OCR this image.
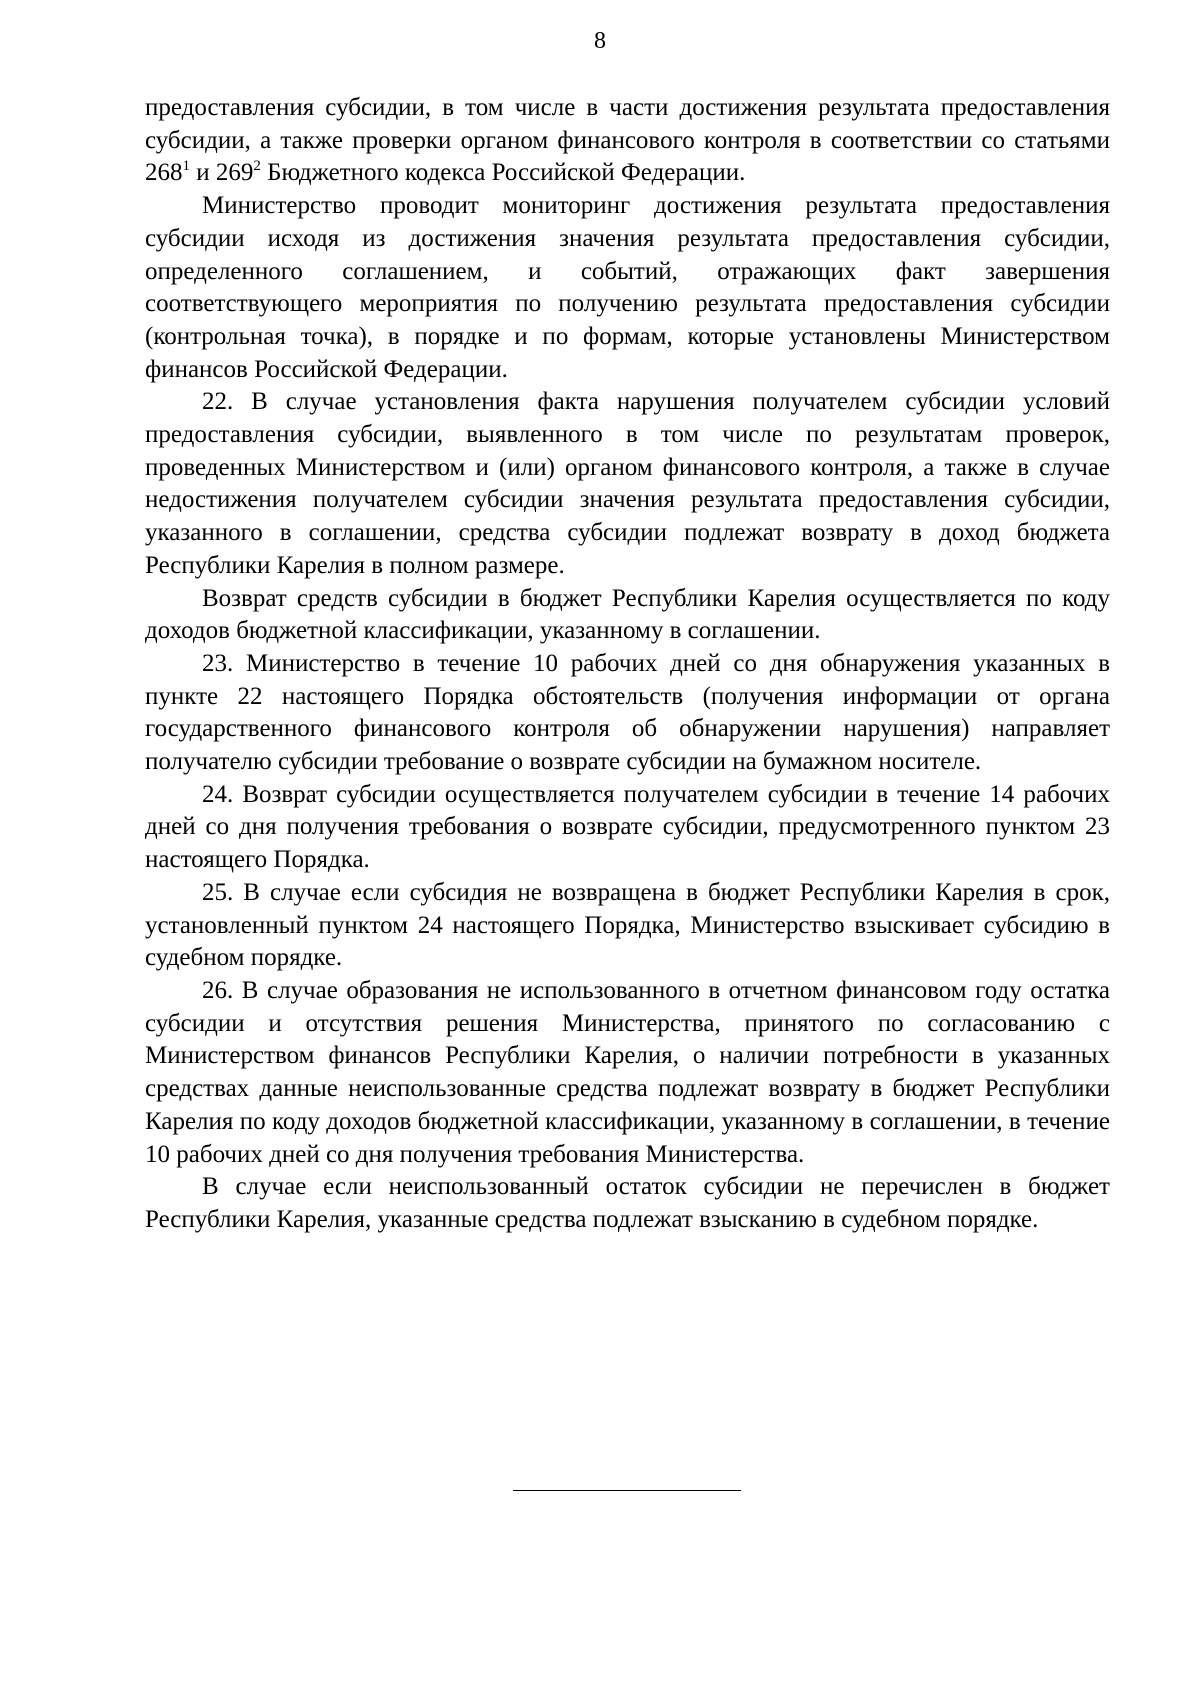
8

предоставления субсидии, в том числе в части достижения результата предоставления субсидии, а также проверки органом финансового контроля в соответствии со статьями $268^1$ и $269^2$ Бюджетного кодекса Российской Федерации.

Министерство проводит мониторинг достижения результата предоставления субсидии исходя из достижения значения результата предоставления субсидии, определенного соглашением, и событий, отражающих факт завершения соответствующего мероприятия по получению результата предоставления субсидии (контрольная точка), в порядке и по формам, которые установлены Министерством финансов Российской Федерации.

22. В случае установления факта нарушения получателем субсидии условий предоставления субсидии, выявленного в том числе по результатам проверок, проведенных Министерством и (или) органом финансового контроля, а также в случае недостижения получателем субсидии значения результата предоставления субсидии, указанного в соглашении, средства субсидии подлежат возврату в доход бюджета Республики Карелия в полном размере.

Возврат средств субсидии в бюджет Республики Карелия осуществляется по коду доходов бюджетной классификации, указанному в соглашении.

23. Министерство в течение 10 рабочих дней со дня обнаружения указанных в пункте 22 настоящего Порядка обстоятельств (получения информации от органа государственного финансового контроля об обнаружении нарушения) направляет получателю субсидии требование о возврате субсидии на бумажном носителе.

24. Возврат субсидии осуществляется получателем субсидии в течение 14 рабочих дней со дня получения требования о возврате субсидии, предусмотренного пунктом 23 настоящего Порядка.

25. В случае если субсидия не возвращена в бюджет Республики Карелия в срок, установленный пунктом 24 настоящего Порядка, Министерство взыскивает субсидию в судебном порядке.

26. В случае образования не использованного в отчетном финансовом году остатка субсидии и отсутствия решения Министерства, принятого по согласованию с Министерством финансов Республики Карелия, о наличии потребности в указанных средствах данные неиспользованные средства подлежат возврату в бюджет Республики Карелия по коду доходов бюджетной классификации, указанному в соглашении, в течение 10 рабочих дней со дня получения требования Министерства.

В случае если неиспользованный остаток субсидии не перечислен в бюджет Республики Карелия, указанные средства подлежат взысканию в судебном порядке.
